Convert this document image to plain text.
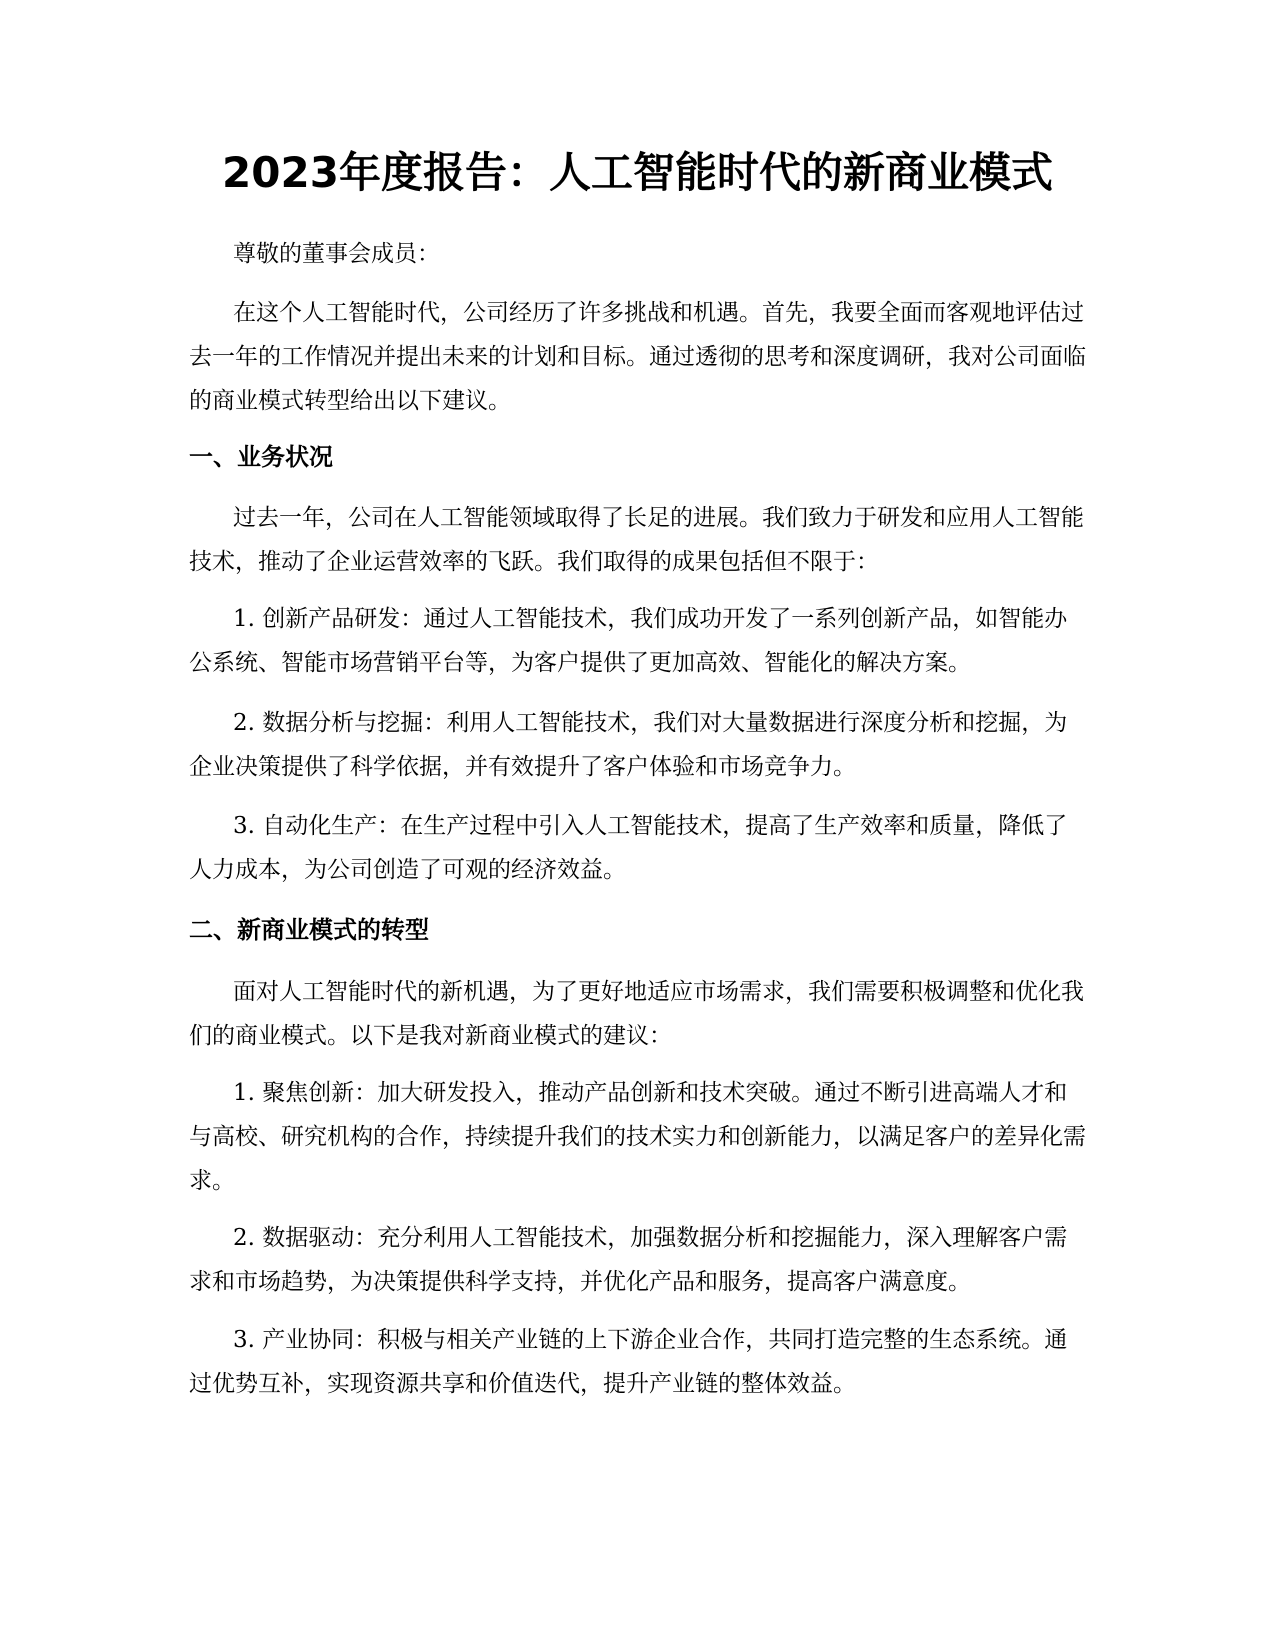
2023年度报告：人工智能时代的新商业模式

尊敬的董事会成员：

在这个人工智能时代，公司经历了许多挑战和机遇。首先，我要全面而客观地评估过去一年的工作情况并提出未来的计划和目标。通过透彻的思考和深度调研，我对公司面临的商业模式转型给出以下建议。

一、业务状况

过去一年，公司在人工智能领域取得了长足的进展。我们致力于研发和应用人工智能技术，推动了企业运营效率的飞跃。我们取得的成果包括但不限于：

1. 创新产品研发：通过人工智能技术，我们成功开发了一系列创新产品，如智能办公系统、智能市场营销平台等，为客户提供了更加高效、智能化的解决方案。

2. 数据分析与挖掘：利用人工智能技术，我们对大量数据进行深度分析和挖掘，为企业决策提供了科学依据，并有效提升了客户体验和市场竞争力。

3. 自动化生产：在生产过程中引入人工智能技术，提高了生产效率和质量，降低了人力成本，为公司创造了可观的经济效益。

二、新商业模式的转型

面对人工智能时代的新机遇，为了更好地适应市场需求，我们需要积极调整和优化我们的商业模式。以下是我对新商业模式的建议：

1. 聚焦创新：加大研发投入，推动产品创新和技术突破。通过不断引进高端人才和与高校、研究机构的合作，持续提升我们的技术实力和创新能力，以满足客户的差异化需求。

2. 数据驱动：充分利用人工智能技术，加强数据分析和挖掘能力，深入理解客户需求和市场趋势，为决策提供科学支持，并优化产品和服务，提高客户满意度。

3. 产业协同：积极与相关产业链的上下游企业合作，共同打造完整的生态系统。通过优势互补，实现资源共享和价值迭代，提升产业链的整体效益。
